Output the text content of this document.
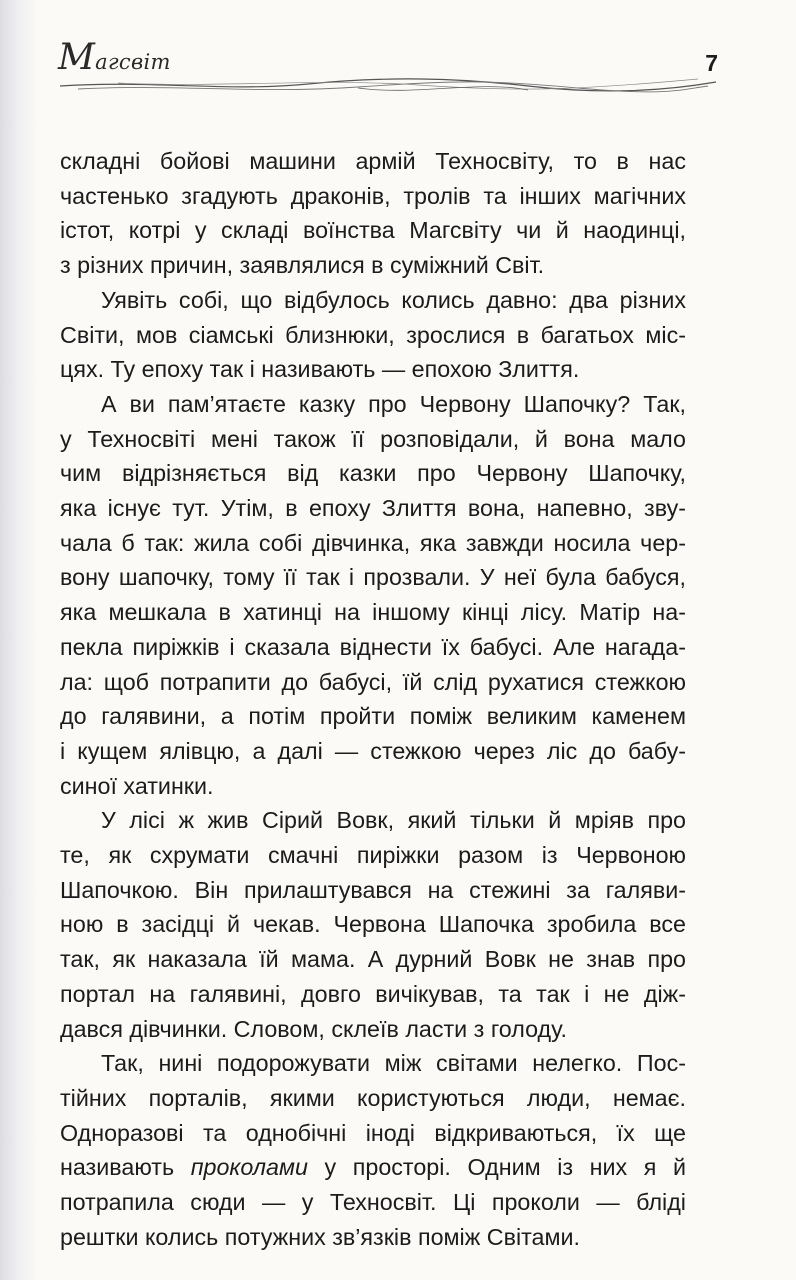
Mагсвіт	7

складні бойові машини армій Техносвіту, то в нас
частенько згадують драконів, тролів та інших магічних
істот, котрі у складі воїнства Магсвіту чи й наодинці,
з різних причин, заявлялися в суміжний Світ.

Уявіть собі, що відбулось колись давно: два різних
Світи, мов сіамські близнюки, зрослися в багатьох міс-
цях. Ту епоху так і називають — епохою Злиття.

А ви пам’ятаєте казку про Червону Шапочку? Так,
у Техносвіті мені також її розповідали, й вона мало
чим відрізняється від казки про Червону Шапочку,
яка існує тут. Утім, в епоху Злиття вона, напевно, зву-
чала б так: жила собі дівчинка, яка завжди носила чер-
вону шапочку, тому її так і прозвали. У неї була бабуся,
яка мешкала в хатинці на іншому кінці лісу. Матір на-
пекла пиріжків і сказала віднести їх бабусі. Але нагада-
ла: щоб потрапити до бабусі, їй слід рухатися стежкою
до галявини, а потім пройти поміж великим каменем
і кущем ялівцю, а далі — стежкою через ліс до бабу-
синої хатинки.

У лісі ж жив Сірий Вовк, який тільки й мріяв про
те, як схрумати смачні пиріжки разом із Червоною
Шапочкою. Він прилаштувався на стежині за галяви-
ною в засідці й чекав. Червона Шапочка зробила все
так, як наказала їй мама. А дурний Вовк не знав про
портал на галявині, довго вичікував, та так і не діж-
дався дівчинки. Словом, склеїв ласти з голоду.

Так, нині подорожувати між світами нелегко. Пос-
тійних порталів, якими користуються люди, немає.
Одноразові та однобічні іноді відкриваються, їх ще
називають проколами у просторі. Одним із них я й
потрапила сюди — у Техносвіт. Ці проколи — бліді
рештки колись потужних зв’язків поміж Світами.
